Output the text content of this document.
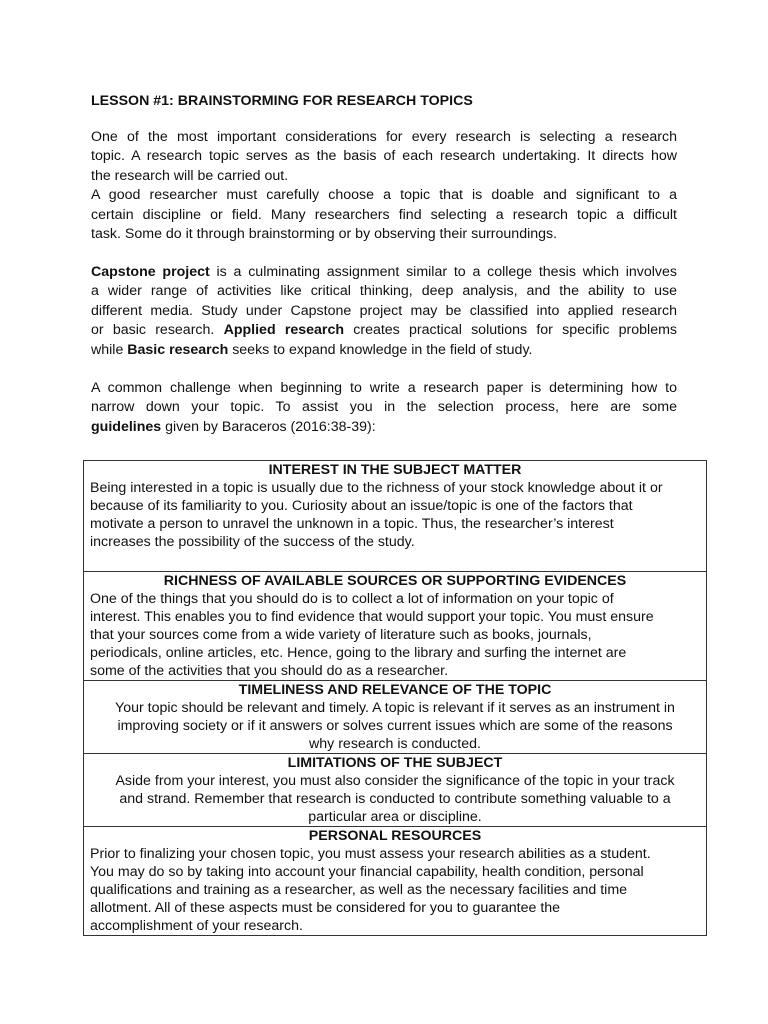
LESSON #1: BRAINSTORMING FOR RESEARCH TOPICS

One of the most important considerations for every research is selecting a research
topic. A research topic serves as the basis of each research undertaking. It directs how
the research will be carried out.
A good researcher must carefully choose a topic that is doable and significant to a
certain discipline or field. Many researchers find selecting a research topic a difficult
task. Some do it through brainstorming or by observing their surroundings.

Capstone project is a culminating assignment similar to a college thesis which involves
a wider range of activities like critical thinking, deep analysis, and the ability to use
different media. Study under Capstone project may be classified into applied research
or basic research. Applied research creates practical solutions for specific problems
while Basic research seeks to expand knowledge in the field of study.

A common challenge when beginning to write a research paper is determining how to
narrow down your topic. To assist you in the selection process, here are some
guidelines given by Baraceros (2016:38-39):

INTEREST IN THE SUBJECT MATTER
Being interested in a topic is usually due to the richness of your stock knowledge about it or
because of its familiarity to you. Curiosity about an issue/topic is one of the factors that
motivate a person to unravel the unknown in a topic. Thus, the researcher’s interest
increases the possibility of the success of the study.

RICHNESS OF AVAILABLE SOURCES OR SUPPORTING EVIDENCES
One of the things that you should do is to collect a lot of information on your topic of
interest. This enables you to find evidence that would support your topic. You must ensure
that your sources come from a wide variety of literature such as books, journals,
periodicals, online articles, etc. Hence, going to the library and surfing the internet are
some of the activities that you should do as a researcher.

TIMELINESS AND RELEVANCE OF THE TOPIC
Your topic should be relevant and timely. A topic is relevant if it serves as an instrument in
improving society or if it answers or solves current issues which are some of the reasons
why research is conducted.

LIMITATIONS OF THE SUBJECT
Aside from your interest, you must also consider the significance of the topic in your track
and strand. Remember that research is conducted to contribute something valuable to a
particular area or discipline.

PERSONAL RESOURCES
Prior to finalizing your chosen topic, you must assess your research abilities as a student.
You may do so by taking into account your financial capability, health condition, personal
qualifications and training as a researcher, as well as the necessary facilities and time
allotment. All of these aspects must be considered for you to guarantee the
accomplishment of your research.
